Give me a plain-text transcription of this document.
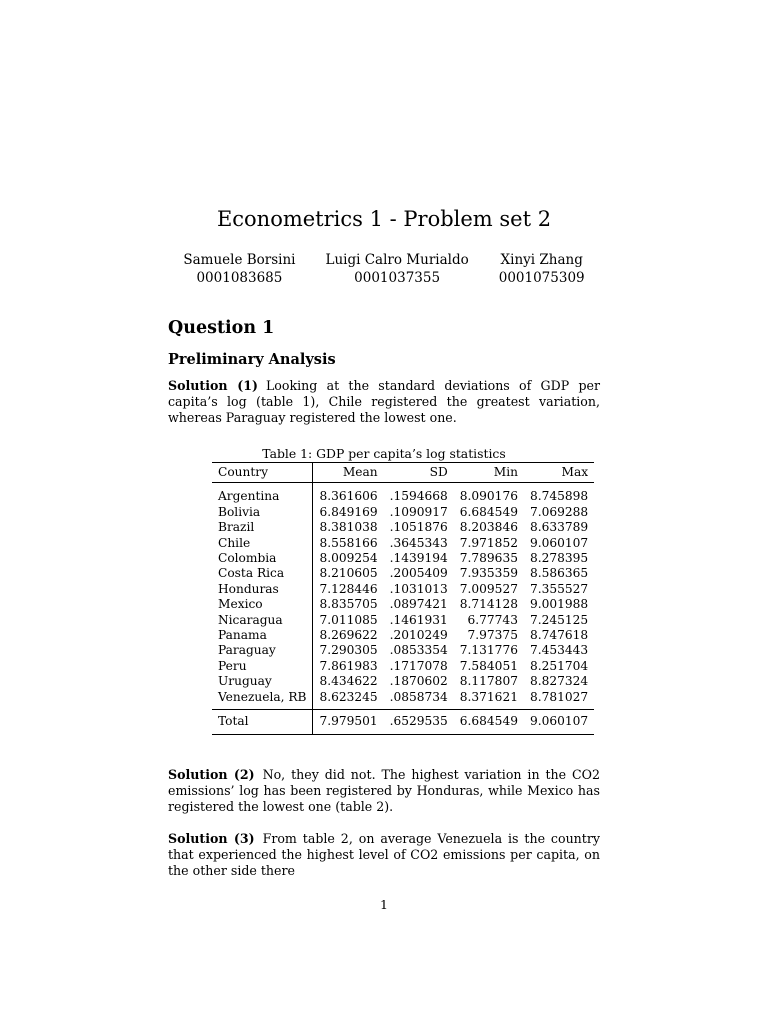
Econometrics 1 - Problem set 2
Samuele Borsini
0001083685
Luigi Calro Murialdo
0001037355
Xinyi Zhang
0001075309
Question 1
Preliminary Analysis
Solution (1) Looking at the standard deviations of GDP per capita’s log (table 1), Chile registered the greatest variation, whereas Paraguay registered the lowest one.
Table 1: GDP per capita’s log statistics
Country	Mean	SD	Min	Max
Argentina	8.361606	.1594668	8.090176	8.745898
Bolivia	6.849169	.1090917	6.684549	7.069288
Brazil	8.381038	.1051876	8.203846	8.633789
Chile	8.558166	.3645343	7.971852	9.060107
Colombia	8.009254	.1439194	7.789635	8.278395
Costa Rica	8.210605	.2005409	7.935359	8.586365
Honduras	7.128446	.1031013	7.009527	7.355527
Mexico	8.835705	.0897421	8.714128	9.001988
Nicaragua	7.011085	.1461931	6.77743	7.245125
Panama	8.269622	.2010249	7.97375	8.747618
Paraguay	7.290305	.0853354	7.131776	7.453443
Peru	7.861983	.1717078	7.584051	8.251704
Uruguay	8.434622	.1870602	8.117807	8.827324
Venezuela, RB	8.623245	.0858734	8.371621	8.781027
Total	7.979501	.6529535	6.684549	9.060107
Solution (2) No, they did not. The highest variation in the CO2 emissions’ log has been registered by Honduras, while Mexico has registered the lowest one (table 2).
Solution (3) From table 2, on average Venezuela is the country that experienced the highest level of CO2 emissions per capita, on the other side there
1
